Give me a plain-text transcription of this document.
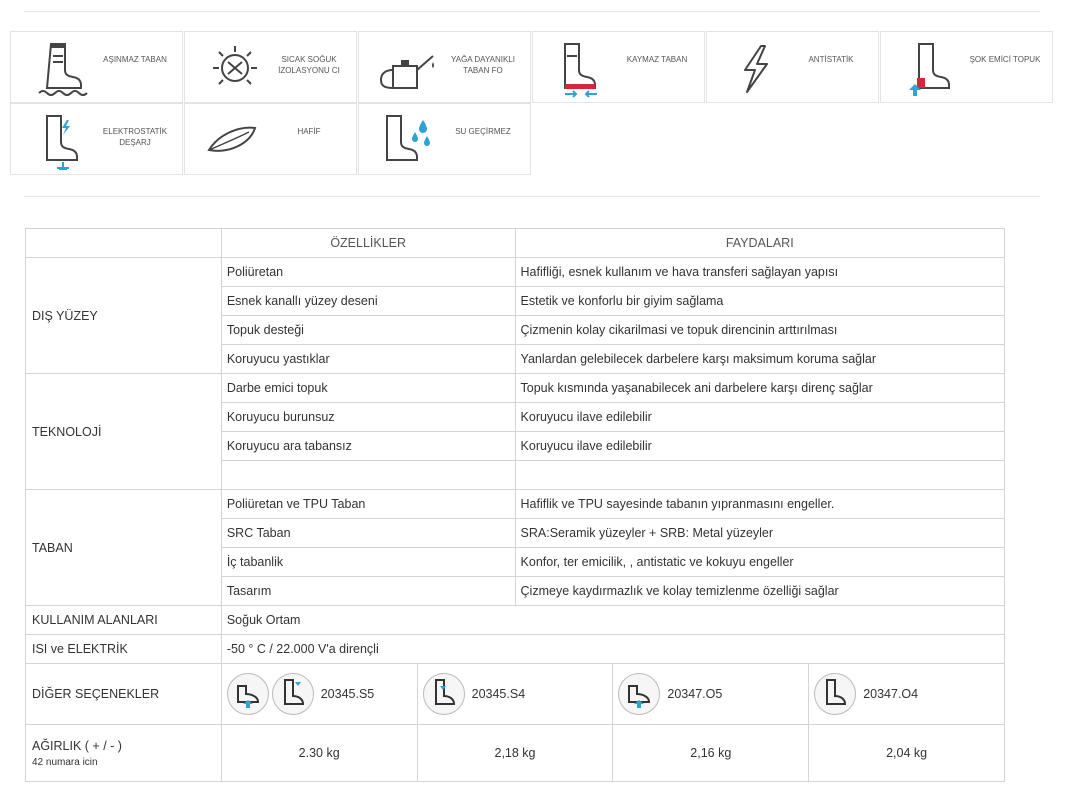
AŞINMAZ TABAN	SICAK SOĞUK İZOLASYONU CI
YAĞA DAYANIKLI TABAN FO
KAYMAZ TABAN	ANTİSTATİK	ŞOK EMİCİ TOPUK
ELEKTROSTATİK DEŞARJ
HAFİF	SU GEÇİRMEZ
	ÖZELLİKLER	FAYDALARI
DIŞ YÜZEY	Poliüretan	Hafifliği, esnek kullanım ve hava transferi sağlayan yapısı
	Esnek kanallı yüzey deseni	Estetik ve konforlu bir giyim sağlama
	Topuk desteği	Çizmenin kolay cikarilmasi ve topuk direncinin arttırılması
	Koruyucu yastıklar	Yanlardan gelebilecek darbelere karşı maksimum koruma sağlar
TEKNOLOJİ	Darbe emici topuk	Topuk kısmında yaşanabilecek ani darbelere karşı direnç sağlar
	Koruyucu burunsuz	Koruyucu ilave edilebilir
	Koruyucu ara tabansız	Koruyucu ilave edilebilir

TABAN	Poliüretan ve TPU Taban	Hafiflik ve TPU sayesinde tabanın yıpranmasını engeller.
	SRC Taban	SRA:Seramik yüzeyler + SRB: Metal yüzeyler
	İç tabanlik	Konfor, ter emicilik, , antistatic ve kokuyu engeller
	Tasarım	Çizmeye kaydırmazlık ve kolay temizlenme özelliği sağlar
KULLANIM ALANLARI	Soğuk Ortam	
ISI ve ELEKTRİK	-50 ° C / 22.000 V'a dirençli	
DİĞER SEÇENEKLER	20345.S5	20345.S4	20347.O5	20347.O4

AĞIRLIK ( + / - )
42 numara icin	2.30 kg	2,18 kg	2,16 kg	2,04 kg
